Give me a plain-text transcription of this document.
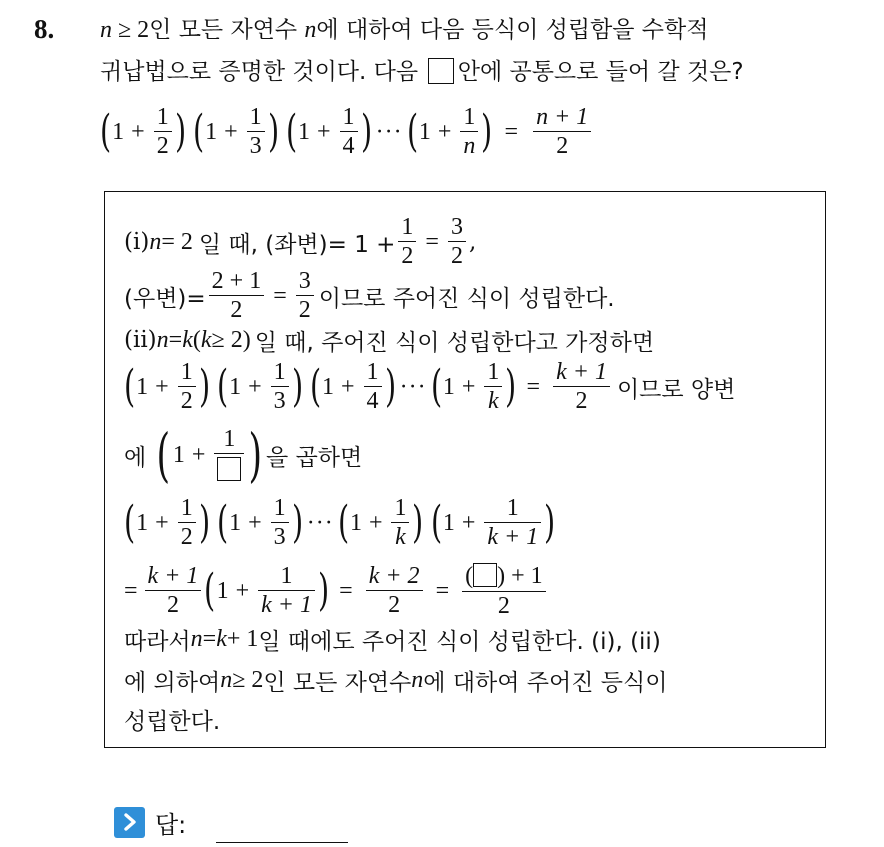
8. n ≥ 2인 모든 자연수 n에 대하여 다음 등식이 성립함을 수학적
귀납법으로 증명한 것이다. 다음 안에 공통으로 들어 갈 것은?
( $1 + \frac{1}{2}$ ) ( $1 + \frac{1}{3}$ ) ( $1 + \frac{1}{4}$ ) ··· ( $1 + \frac{1}{n}$ ) = $\frac{n + 1}{2}$
(i) n = 2 일 때, (좌변)= $1 + \frac{1}{2} = \frac{3}{2}$ ,
(우변)= $\frac{2 + 1}{2} = \frac{3}{2}$ 이므로 주어진 식이 성립한다.
(ii) n = k ( k ≥ 2) 일 때, 주어진 식이 성립한다고 가정하면
( $1 + \frac{1}{2}$ ) ( $1 + \frac{1}{3}$ ) ( $1 + \frac{1}{4}$ ) ··· ( $1 + \frac{1}{k}$ ) = $\frac{k + 1}{2}$ 이므로 양변
에 ( 1 +
1 ) 을 곱하면
( $1 + \frac{1}{2}$ ) ( $1 + \frac{1}{3}$ ) ··· ( $1 + \frac{1}{k}$ ) ( $1 + \frac{1}{k + 1}$ )
= $\frac{k + 1}{2}$ ( $1 + \frac{1}{k + 1}$ ) = $\frac{k + 2}{2} = \frac{( ) + 1}{2}$
따라서 n = k + 1 일 때에도 주어진 식이 성립한다. (i), (ii)
에 의하여 n ≥ 2 인 모든 자연수 n 에 대하여 주어진 등식이
성립한다.
답:
